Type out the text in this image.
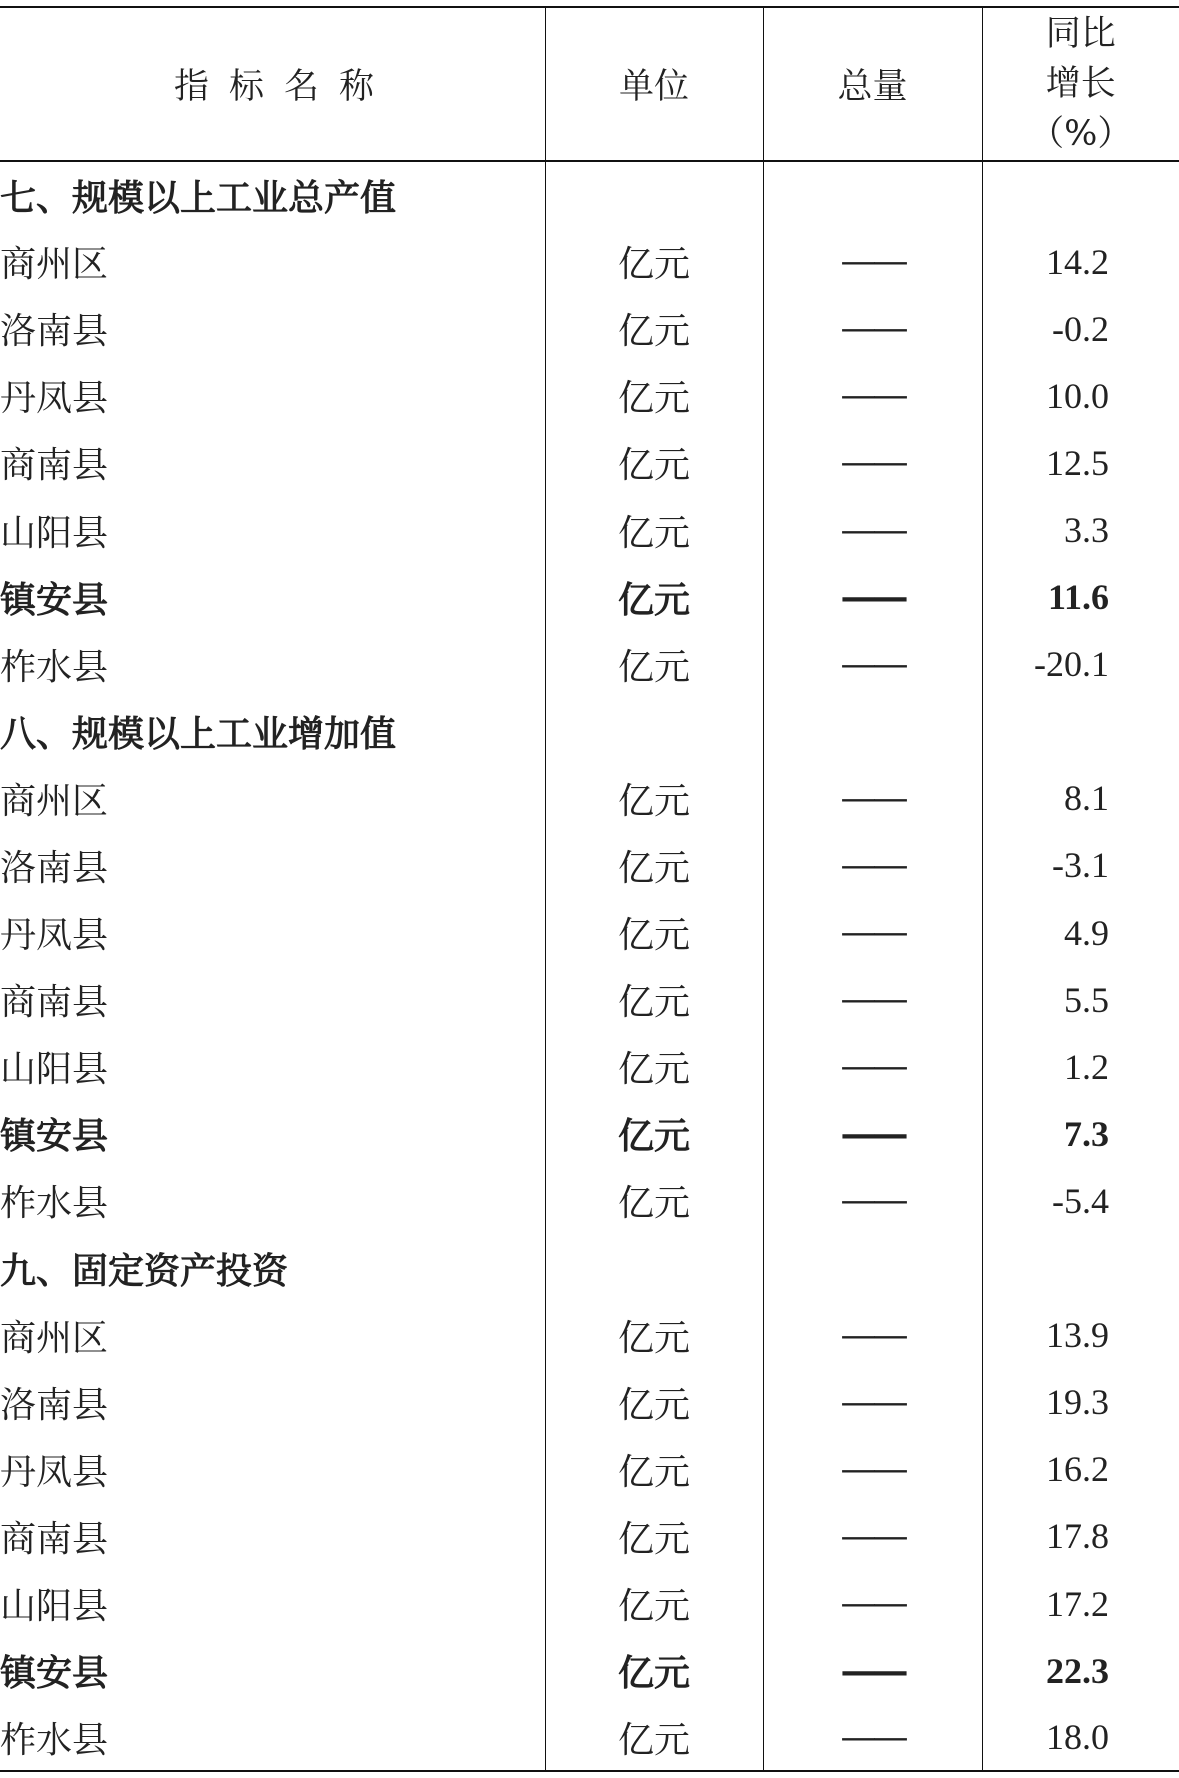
指标名称	单位	总量	同比
增长
（%）

七、规模以上工业总产值			
商州区	亿元	——	14.2
洛南县	亿元	——	-0.2
丹凤县	亿元	——	10.0
商南县	亿元	——	12.5
山阳县	亿元	——	3.3
镇安县	亿元	——	11.6
柞水县	亿元	——	-20.1
八、规模以上工业增加值			
商州区	亿元	——	8.1
洛南县	亿元	——	-3.1
丹凤县	亿元	——	4.9
商南县	亿元	——	5.5
山阳县	亿元	——	1.2
镇安县	亿元	——	7.3
柞水县	亿元	——	-5.4
九、固定资产投资			
商州区	亿元	——	13.9
洛南县	亿元	——	19.3
丹凤县	亿元	——	16.2
商南县	亿元	——	17.8
山阳县	亿元	——	17.2
镇安县	亿元	——	22.3
柞水县	亿元	——	18.0
